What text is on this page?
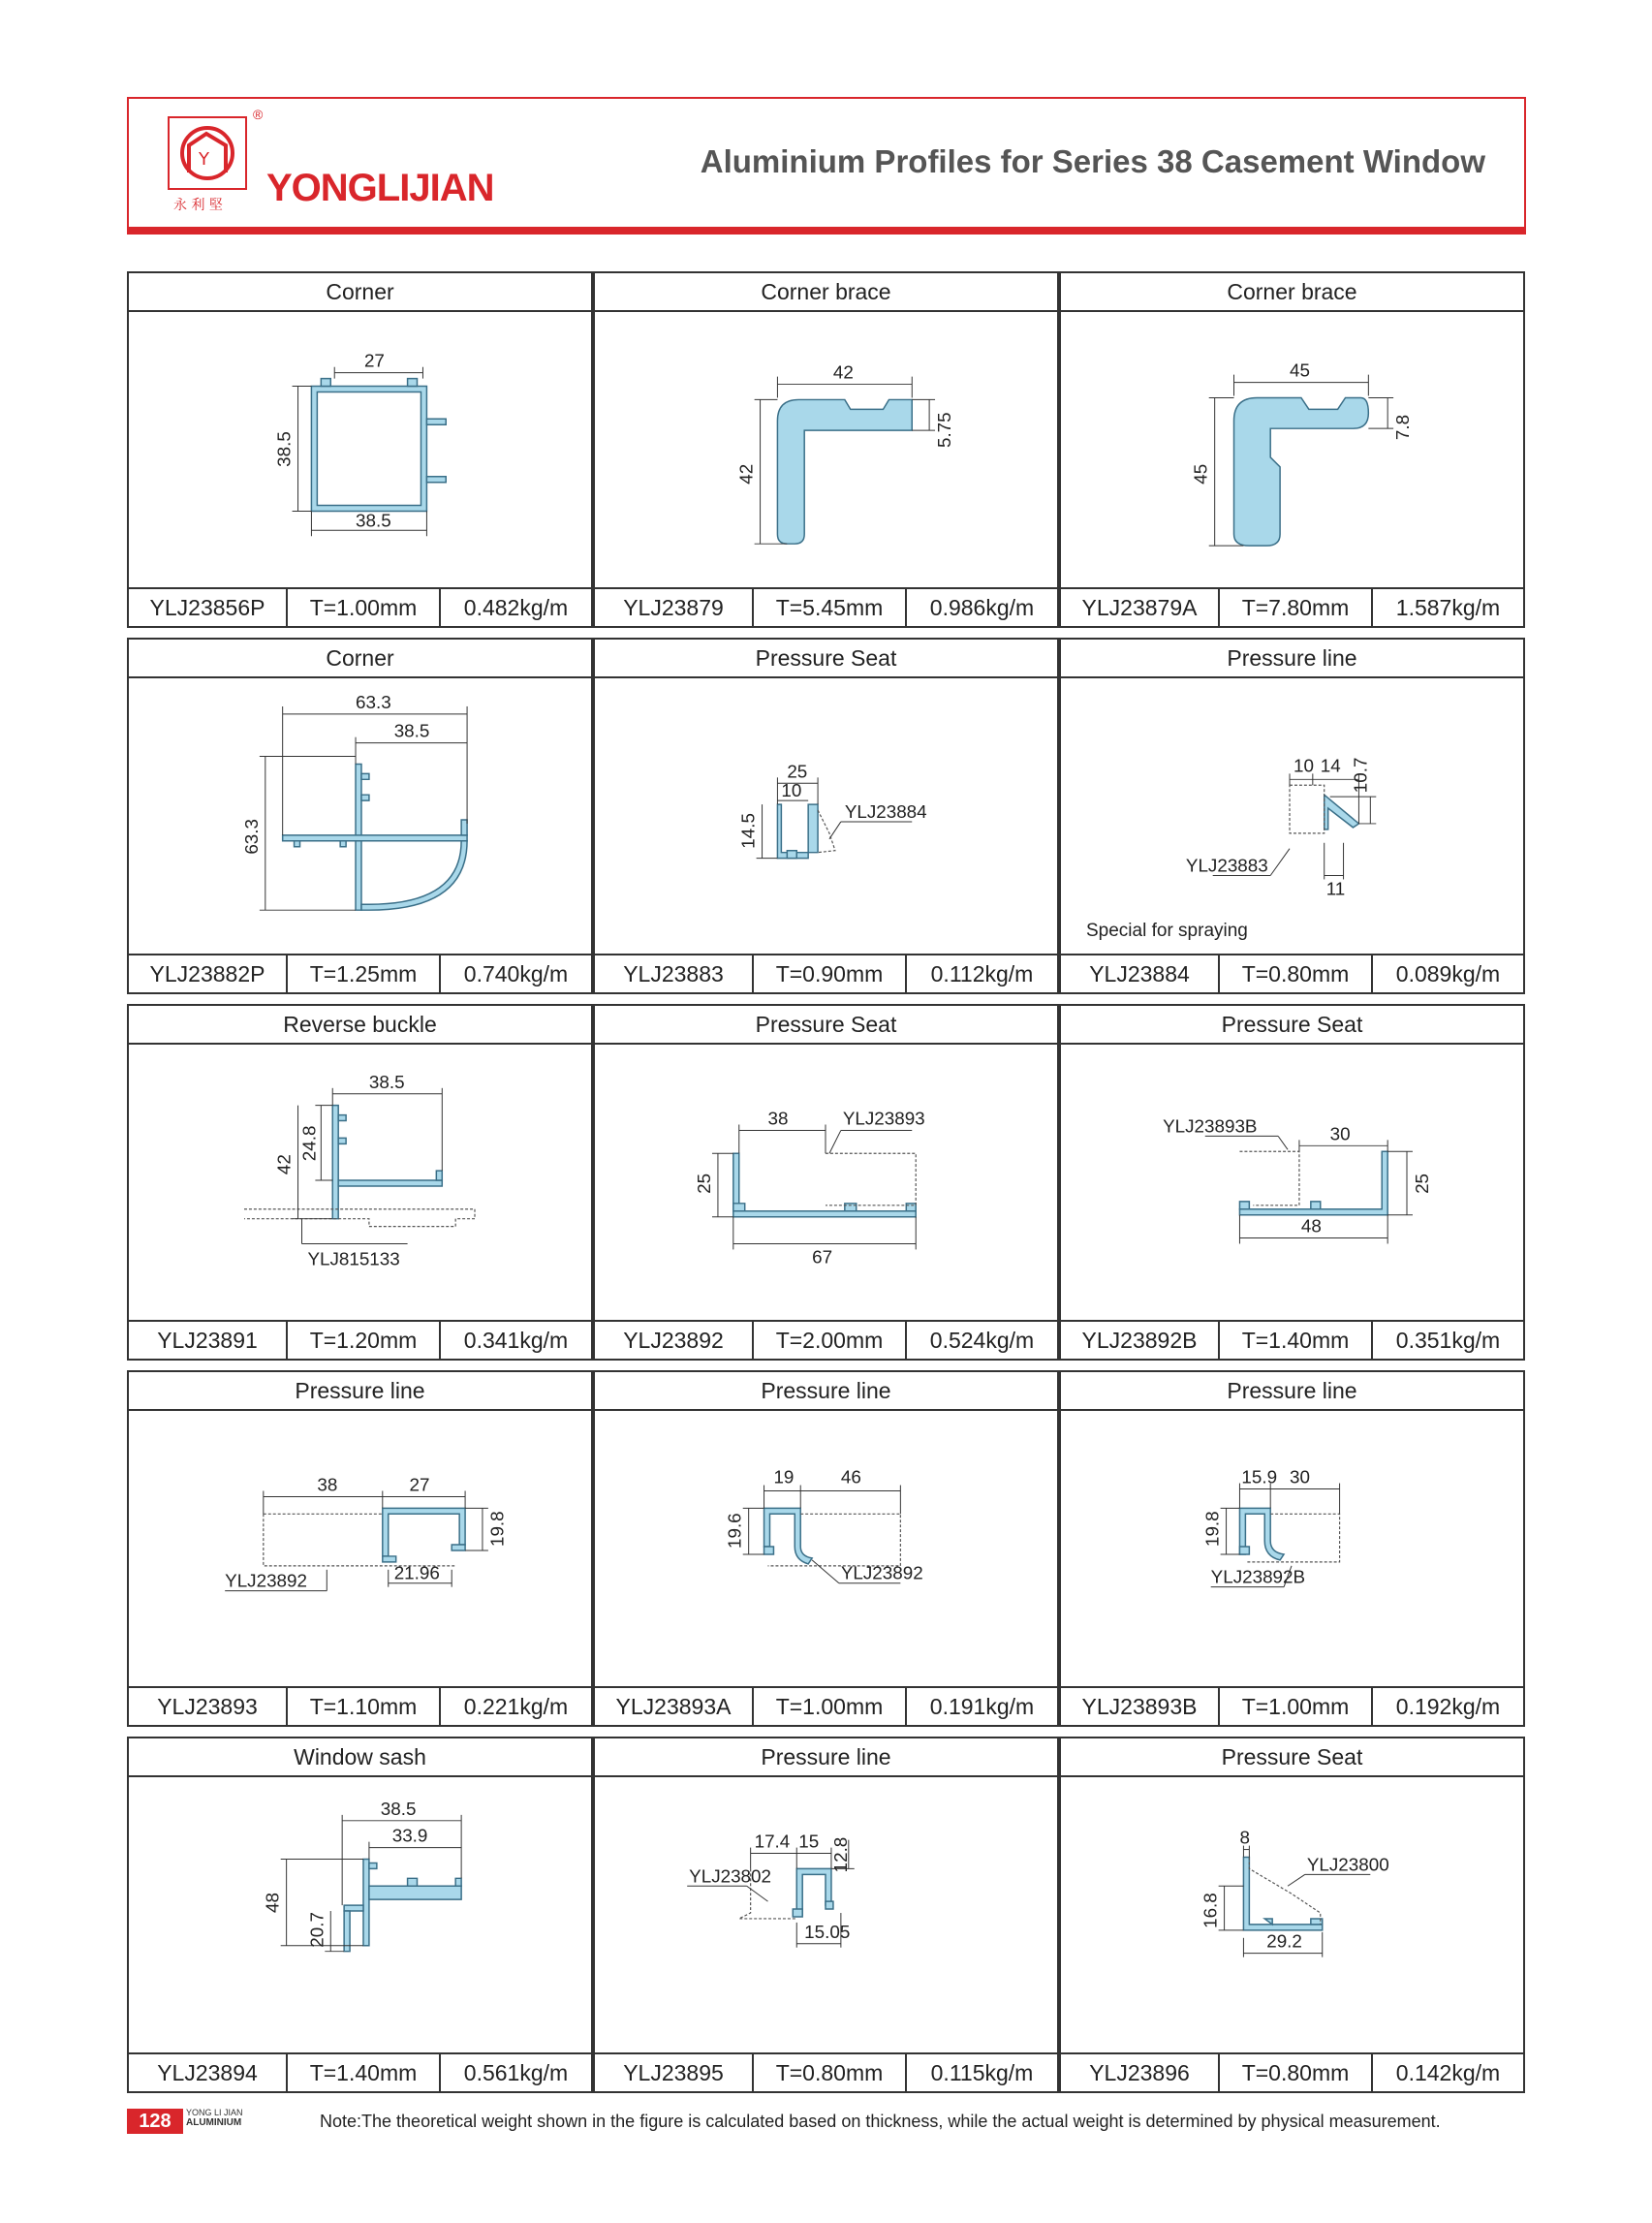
Y
永 利 堅
®
YONGLIJIAN
Aluminium Profiles for Series 38 Casement Window
Corner
27
38.5
38.5
YLJ23856P	T=1.00mm	0.482kg/m
Corner brace
42
42
5.75
YLJ23879	T=5.45mm	0.986kg/m
Corner brace
45
45
7.8
YLJ23879A	T=7.80mm	1.587kg/m
Corner
63.3
38.5
63.3
YLJ23882P	T=1.25mm	0.740kg/m
Pressure Seat
25
10
14.5
YLJ23884
YLJ23883	T=0.90mm	0.112kg/m
Pressure line
10 14 10.7
11
YLJ23883
Special for spraying
YLJ23884	T=0.80mm	0.089kg/m
Reverse buckle
38.5
42
24.8
YLJ815133
YLJ23891	T=1.20mm	0.341kg/m
Pressure Seat
38
25
67
YLJ23893
YLJ23892	T=2.00mm	0.524kg/m
Pressure Seat
30
25
48
YLJ23893B
YLJ23892B	T=1.40mm	0.351kg/m
Pressure line
38	27
19.8
21.96
YLJ23892
YLJ23893	T=1.10mm	0.221kg/m
Pressure line
19	46
19.6
YLJ23892
YLJ23893A	T=1.00mm	0.191kg/m
Pressure line
15.9 30
19.8
YLJ23892B
YLJ23893B	T=1.00mm	0.192kg/m
Window sash
38.5
33.9
48
20.7
YLJ23894	T=1.40mm	0.561kg/m
Pressure line
17.4 15 12.8
15.05
YLJ23802
YLJ23895	T=0.80mm	0.115kg/m
Pressure Seat
8
16.8
29.2
YLJ23800
YLJ23896	T=0.80mm	0.142kg/m
128	YONG LI JIAN
ALUMINIUM	Note:The theoretical weight shown in the figure is calculated based on thickness, while the actual weight is determined by physical measurement.
